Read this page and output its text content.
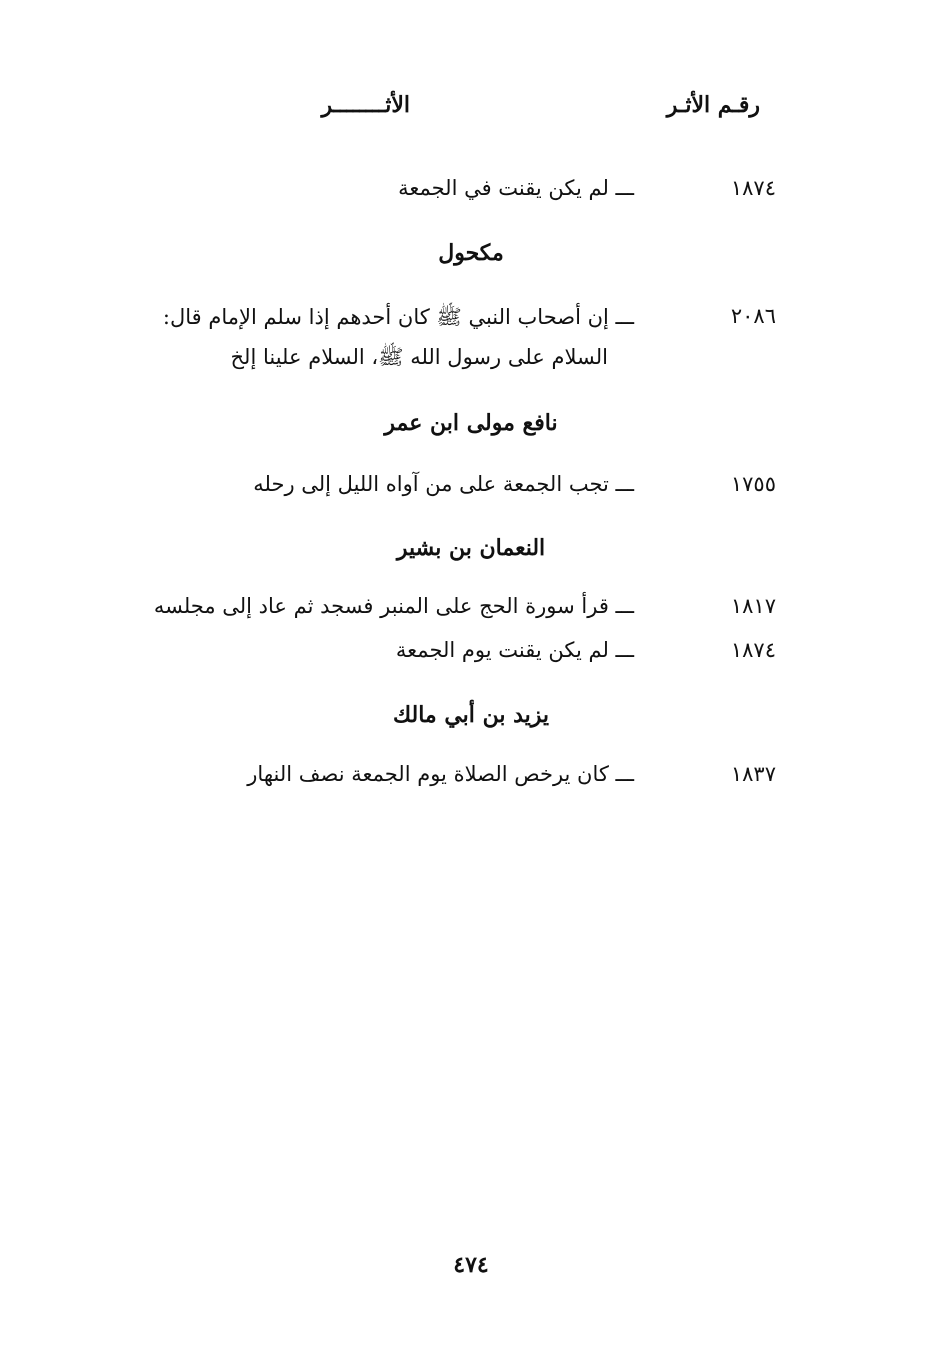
رقـم الأثـر
الأثــــــــر
١٨٧٤
ـــ لم يكن يقنت في الجمعة
مكحول
٢٠٨٦
ـــ إن أصحاب النبي ﷺ كان أحدهم إذا سلم الإمام قال:
السلام على رسول الله ﷺ، السلام علينا إلخ
نافع مولى ابن عمر
١٧٥٥
ـــ تجب الجمعة على من آواه الليل إلى رحله
النعمان بن بشير
١٨١٧
ـــ قرأ سورة الحج على المنبر فسجد ثم عاد إلى مجلسه
١٨٧٤
ـــ لم يكن يقنت يوم الجمعة
يزيد بن أبي مالك
١٨٣٧
ـــ كان يرخص الصلاة يوم الجمعة نصف النهار
٤٧٤
